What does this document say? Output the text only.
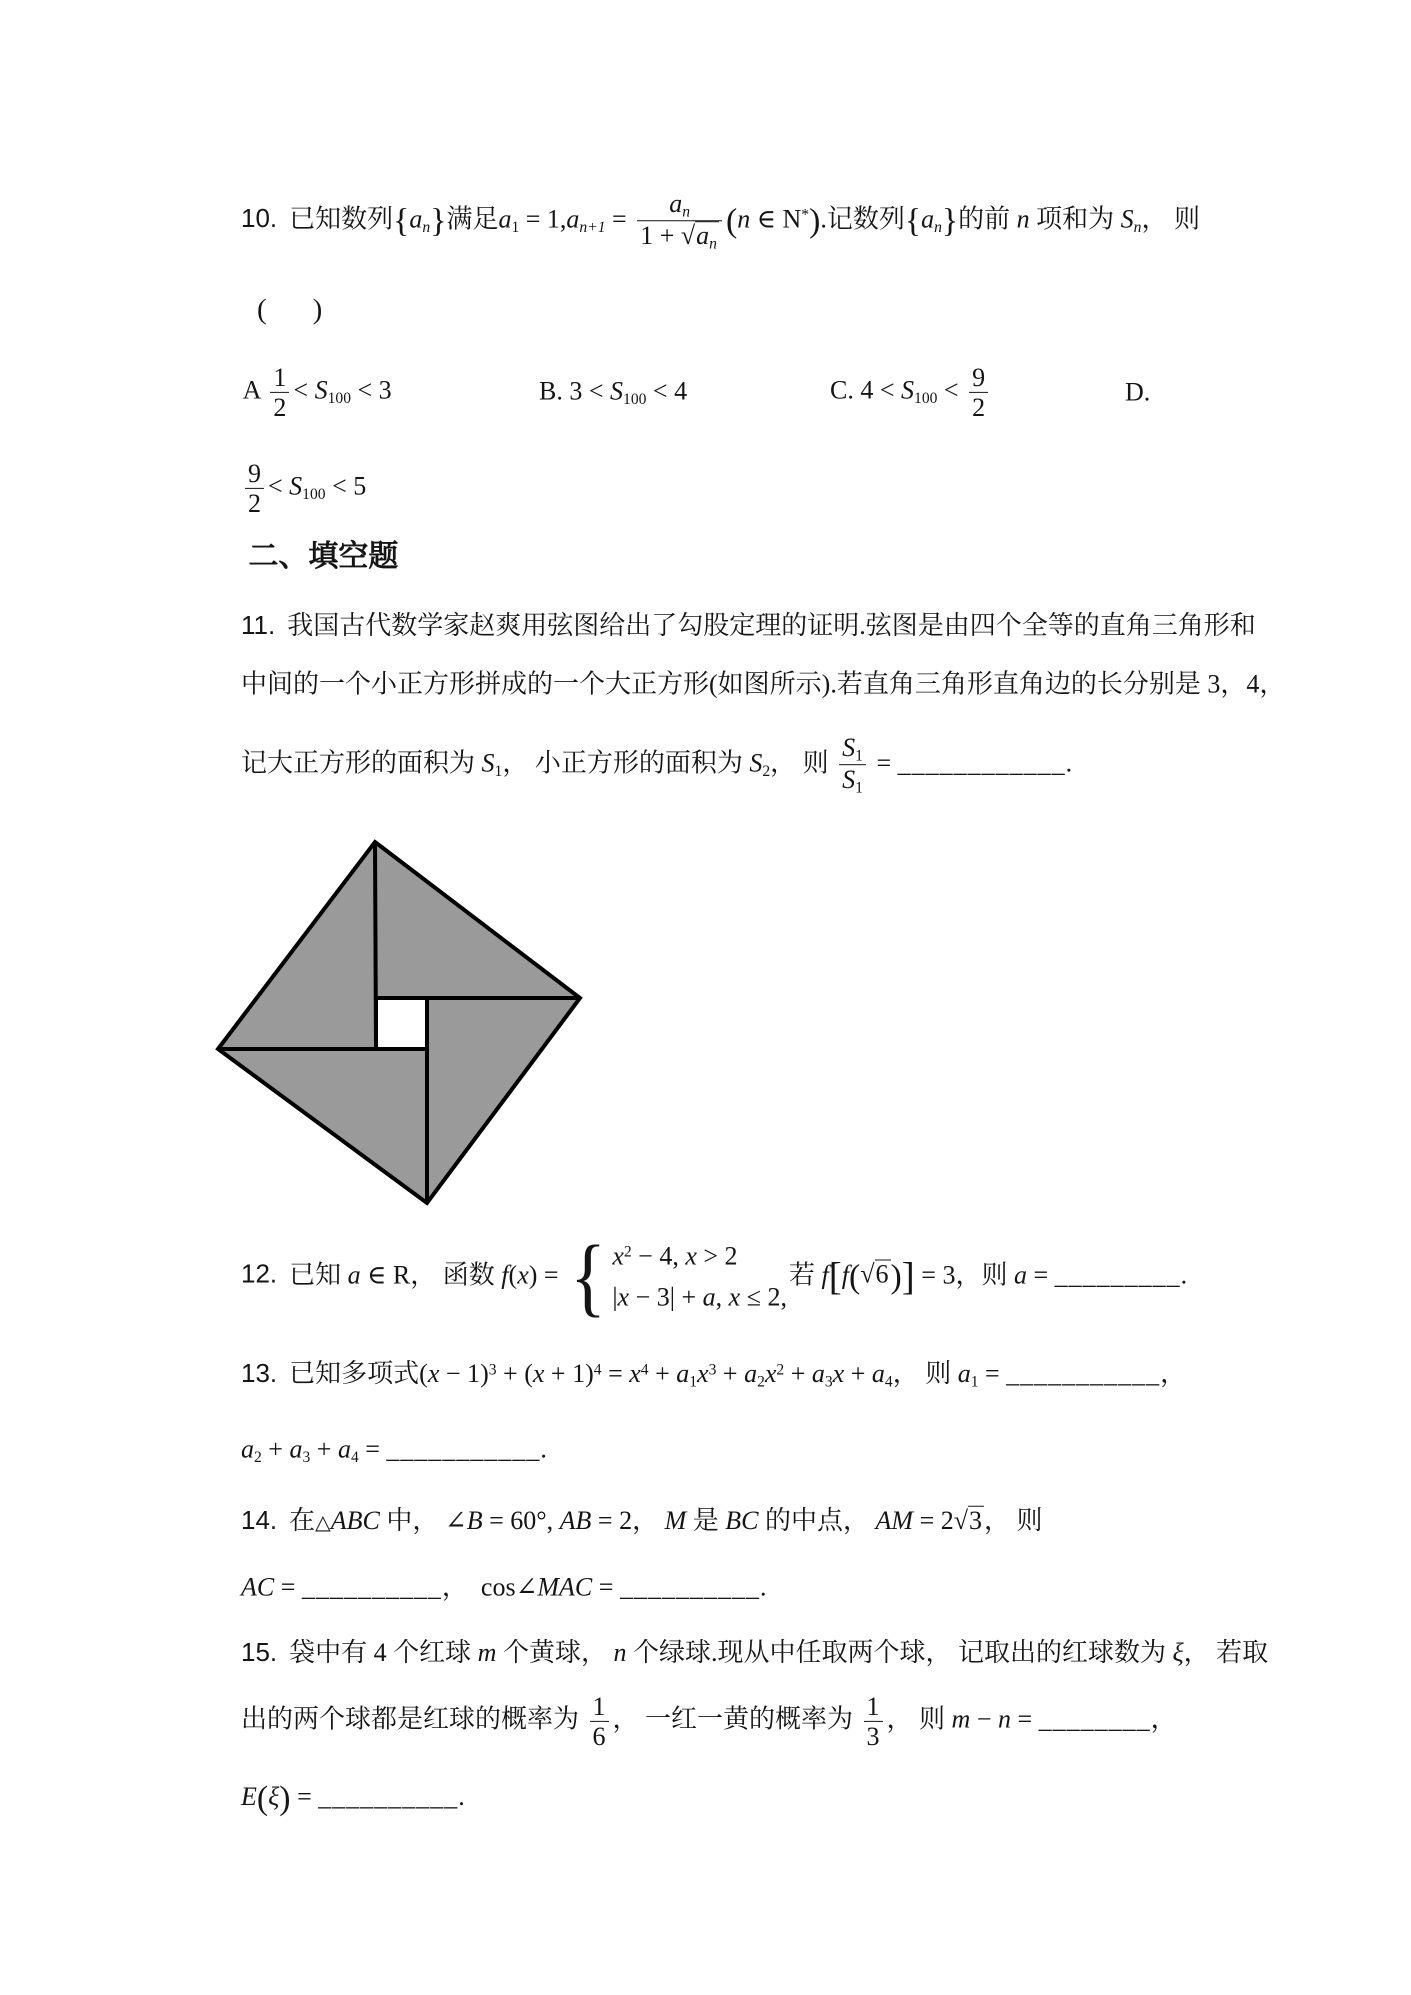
10. 已知数列$\{a_n\}$满足$a_1 = 1,a_{n+1} = \frac{a_n}{1 + √a_n} (n$ ∈ N*).记数列$\{a_n\}$的前 n 项和为 $S_n$， 则

( )

A $\frac{1}{2} < S_{100} < 3$
	B. $3 < S_{100} < 4$
	C. $4 < S_{100} < \frac{9}{2}$

	D.

$\frac{9}{2} < S_{100} < 5$

二、填空题

11. 我国古代数学家赵爽用弦图给出了勾股定理的证明.弦图是由四个全等的直角三角形和

中间的一个小正方形拼成的一个大正方形(如图所示).若直角三角形直角边的长分别是 3，4，

记大正方形的面积为 $S_1$， 小正方形的面积为 $S_2$， 则 $\frac{S_1}{S_1}$ = ____________.

12. 已知 a ∈ R， 函数 f(x) = { $x^2 - 4$, x > 2
|x − 3| + a, x ≤ 2,
若 f[f(√6)] = 3，则 a = _________.

13. 已知多项式$(x - 1)^3 + (x + 1)^4 = x^4 + a_1x^3 + a_2x^2 + a_3x + a_4$， 则 $a_1$ = ___________，

$a_2 + a_3 + a_4$ = ___________.

14. 在△ABC 中， ∠B = 60°, AB = 2， M 是 BC 的中点， AM = 2√3， 则

AC = __________，  cos∠MAC = __________.

15. 袋中有 4 个红球 m 个黄球， n 个绿球.现从中任取两个球， 记取出的红球数为 ξ， 若取

出的两个球都是红球的概率为 $\frac{1}{6}$ ， 一红一黄的概率为 $\frac{1}{3}$ ， 则 m − n = ________，

E(ξ) = __________.
